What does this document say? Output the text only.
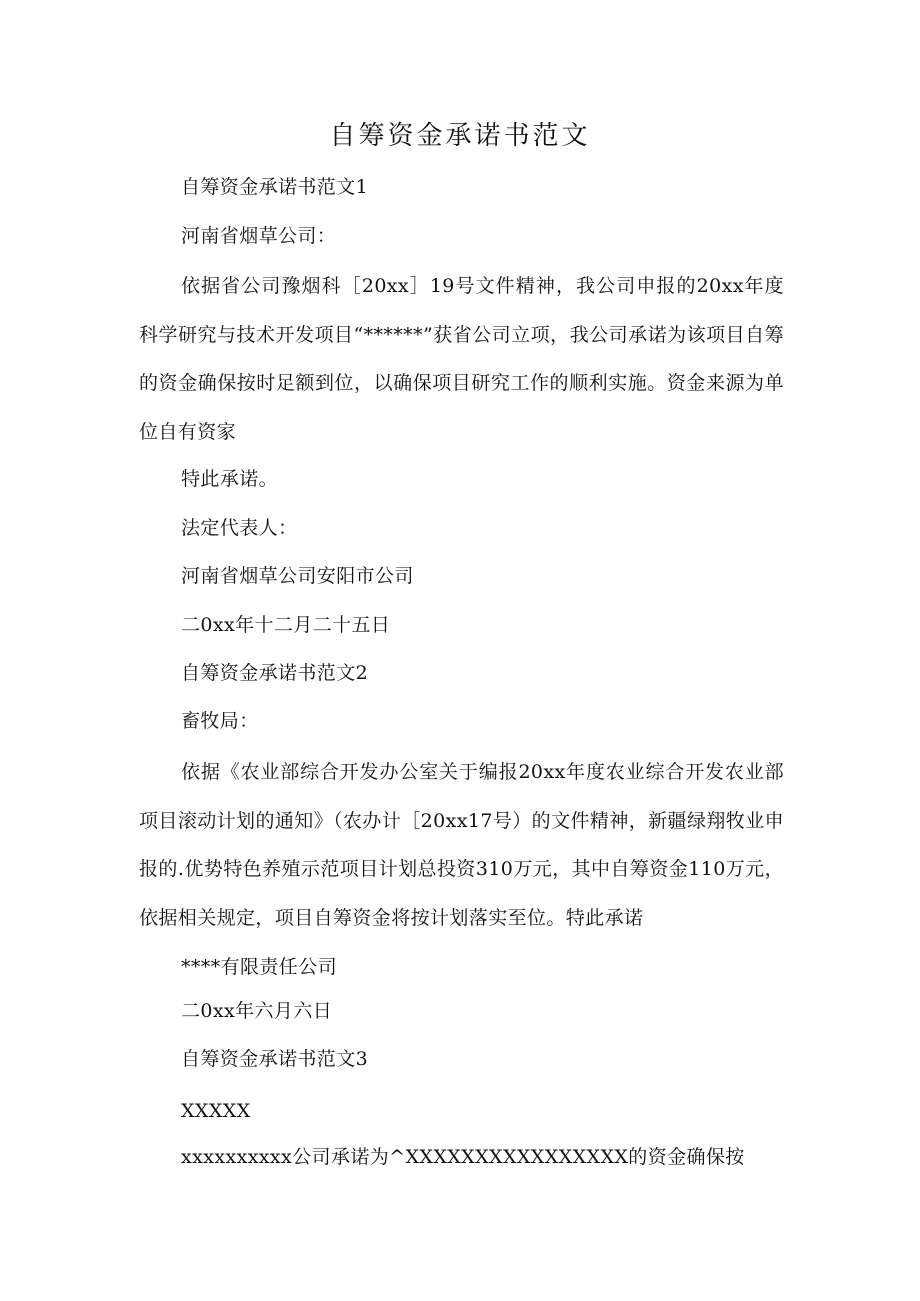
自筹资金承诺书范文
自筹资金承诺书范文1
河南省烟草公司：
依据省公司豫烟科［20xx］19号文件精神，我公司申报的20xx年度科学研究与技术开发项目“******”获省公司立项，我公司承诺为该项目自筹的资金确保按时足额到位，以确保项目研究工作的顺利实施。资金来源为单位自有资家
特此承诺。
法定代表人：
河南省烟草公司安阳市公司
二0xx年十二月二十五日
自筹资金承诺书范文2
畜牧局：
依据《农业部综合开发办公室关于编报20xx年度农业综合开发农业部项目滚动计划的通知》（农办计［20xx17号）的文件精神，新疆绿翔牧业申报的.优势特色养殖示范项目计划总投资310万元，其中自筹资金110万元，依据相关规定，项目自筹资金将按计划落实至位。特此承诺
****有限责任公司
二0xx年六月六日
自筹资金承诺书范文3
XXXXX
xxxxxxxxxx公司承诺为^XXXXXXXXXXXXXXXX的资金确保按
